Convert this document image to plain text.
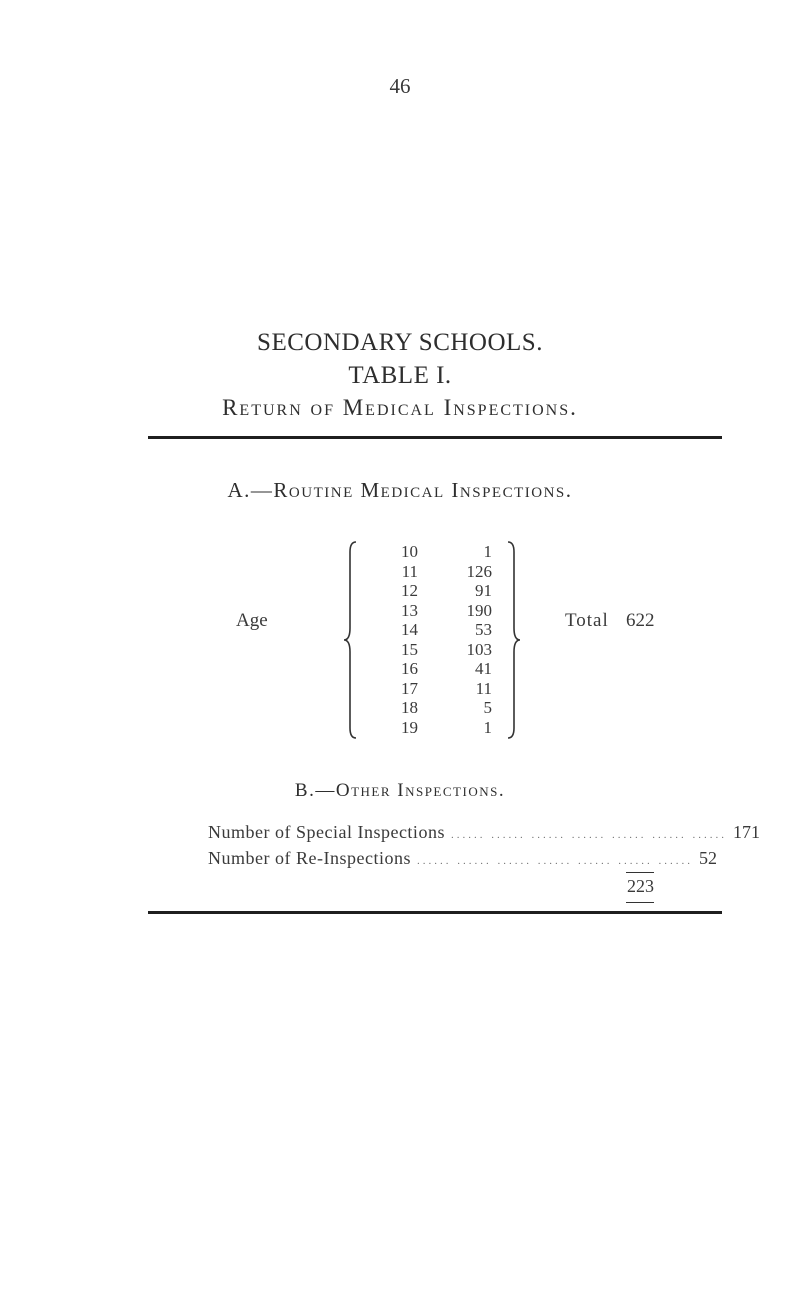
46
SECONDARY SCHOOLS.
TABLE I.
Return of Medical Inspections.
A.—Routine Medical Inspections.
Age
10
11
12
13
14
15
16
17
18
19
1
126
91
190
53
103
41
11
5
1
Total 622
B.—Other Inspections.
Number of Special Inspections ...... ...... ...... ...... ...... ...... ...... 171
Number of Re-Inspections ...... ...... ...... ...... ...... ...... ...... 52
223
